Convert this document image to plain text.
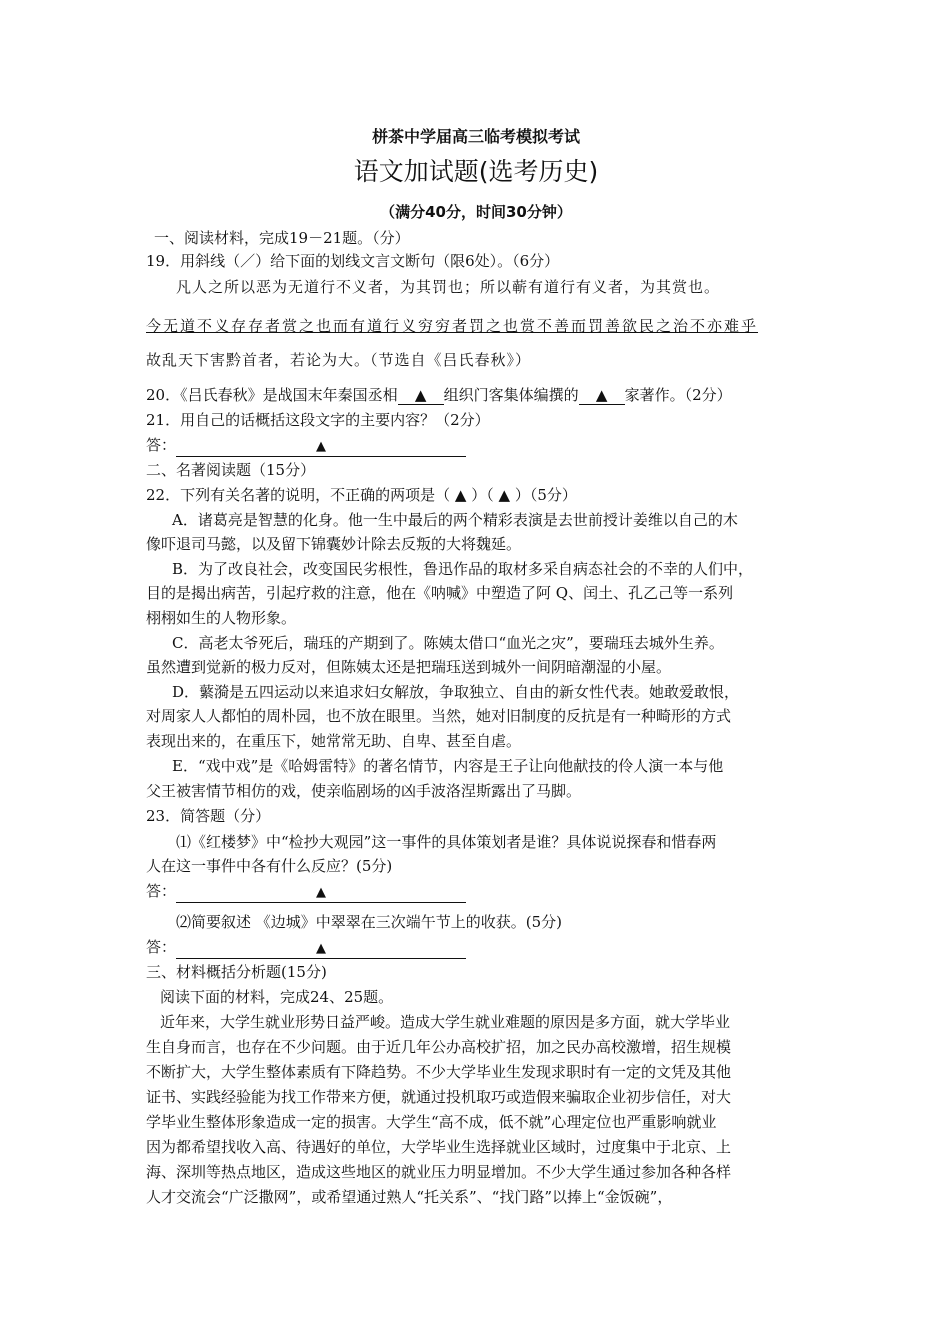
栟茶中学届高三临考模拟考试
语文加试题(选考历史)
（满分40分，时间30分钟）
一、阅读材料，完成19－21题。（分）
19．用斜线（／）给下面的划线文言文断句（限6处）。（6分）
凡人之所以恶为无道行不义者，为其罚也；所以蕲有道行有义者，为其赏也。
今无道不义存存者赏之也而有道行义穷穷者罚之也赏不善而罚善欲民之治不亦难乎
故乱天下害黔首者，若论为大。（节选自《吕氏春秋》）
20．《吕氏春秋》是战国末年秦国丞相 ▲ 组织门客集体编撰的 ▲ 家著作。（2分）
21．用自己的话概括这段文字的主要内容？（2分）
答：	▲
二、名著阅读题（15分）
22．下列有关名著的说明，不正确的两项是（ ▲ ）（ ▲ ）（5分）
A．诸葛亮是智慧的化身。他一生中最后的两个精彩表演是去世前授计姜维以自己的木
像吓退司马懿，以及留下锦囊妙计除去反叛的大将魏延。
B．为了改良社会，改变国民劣根性，鲁迅作品的取材多采自病态社会的不幸的人们中，
目的是揭出病苦，引起疗救的注意，他在《呐喊》中塑造了阿 Q、闰土、孔乙己等一系列
栩栩如生的人物形象。
C．高老太爷死后，瑞珏的产期到了。陈姨太借口“血光之灾”，要瑞珏去城外生养。
虽然遭到觉新的极力反对，但陈姨太还是把瑞珏送到城外一间阴暗潮湿的小屋。
D．蘩漪是五四运动以来追求妇女解放，争取独立、自由的新女性代表。她敢爱敢恨，
对周家人人都怕的周朴园，也不放在眼里。当然，她对旧制度的反抗是有一种畸形的方式
表现出来的，在重压下，她常常无助、自卑、甚至自虐。
E．“戏中戏”是《哈姆雷特》的著名情节，内容是王子让向他献技的伶人演一本与他
父王被害情节相仿的戏，使亲临剧场的凶手波洛涅斯露出了马脚。
23．简答题（分）
⑴《红楼梦》中“检抄大观园”这一事件的具体策划者是谁？具体说说探春和惜春两
人在这一事件中各有什么反应？(5分)
答：	▲
⑵简要叙述 《边城》中翠翠在三次端午节上的收获。(5分)
答：	▲
三、材料概括分析题(15分)
阅读下面的材料，完成24、25题。
近年来，大学生就业形势日益严峻。造成大学生就业难题的原因是多方面，就大学毕业
生自身而言，也存在不少问题。由于近几年公办高校扩招，加之民办高校激增，招生规模
不断扩大，大学生整体素质有下降趋势。不少大学毕业生发现求职时有一定的文凭及其他
证书、实践经验能为找工作带来方便，就通过投机取巧或造假来骗取企业初步信任，对大
学毕业生整体形象造成一定的损害。大学生“高不成，低不就”心理定位也严重影响就业
因为都希望找收入高、待遇好的单位，大学毕业生选择就业区域时，过度集中于北京、上
海、深圳等热点地区，造成这些地区的就业压力明显增加。不少大学生通过参加各种各样
人才交流会“广泛撒网”，或希望通过熟人“托关系”、“找门路”以捧上“金饭碗”，
